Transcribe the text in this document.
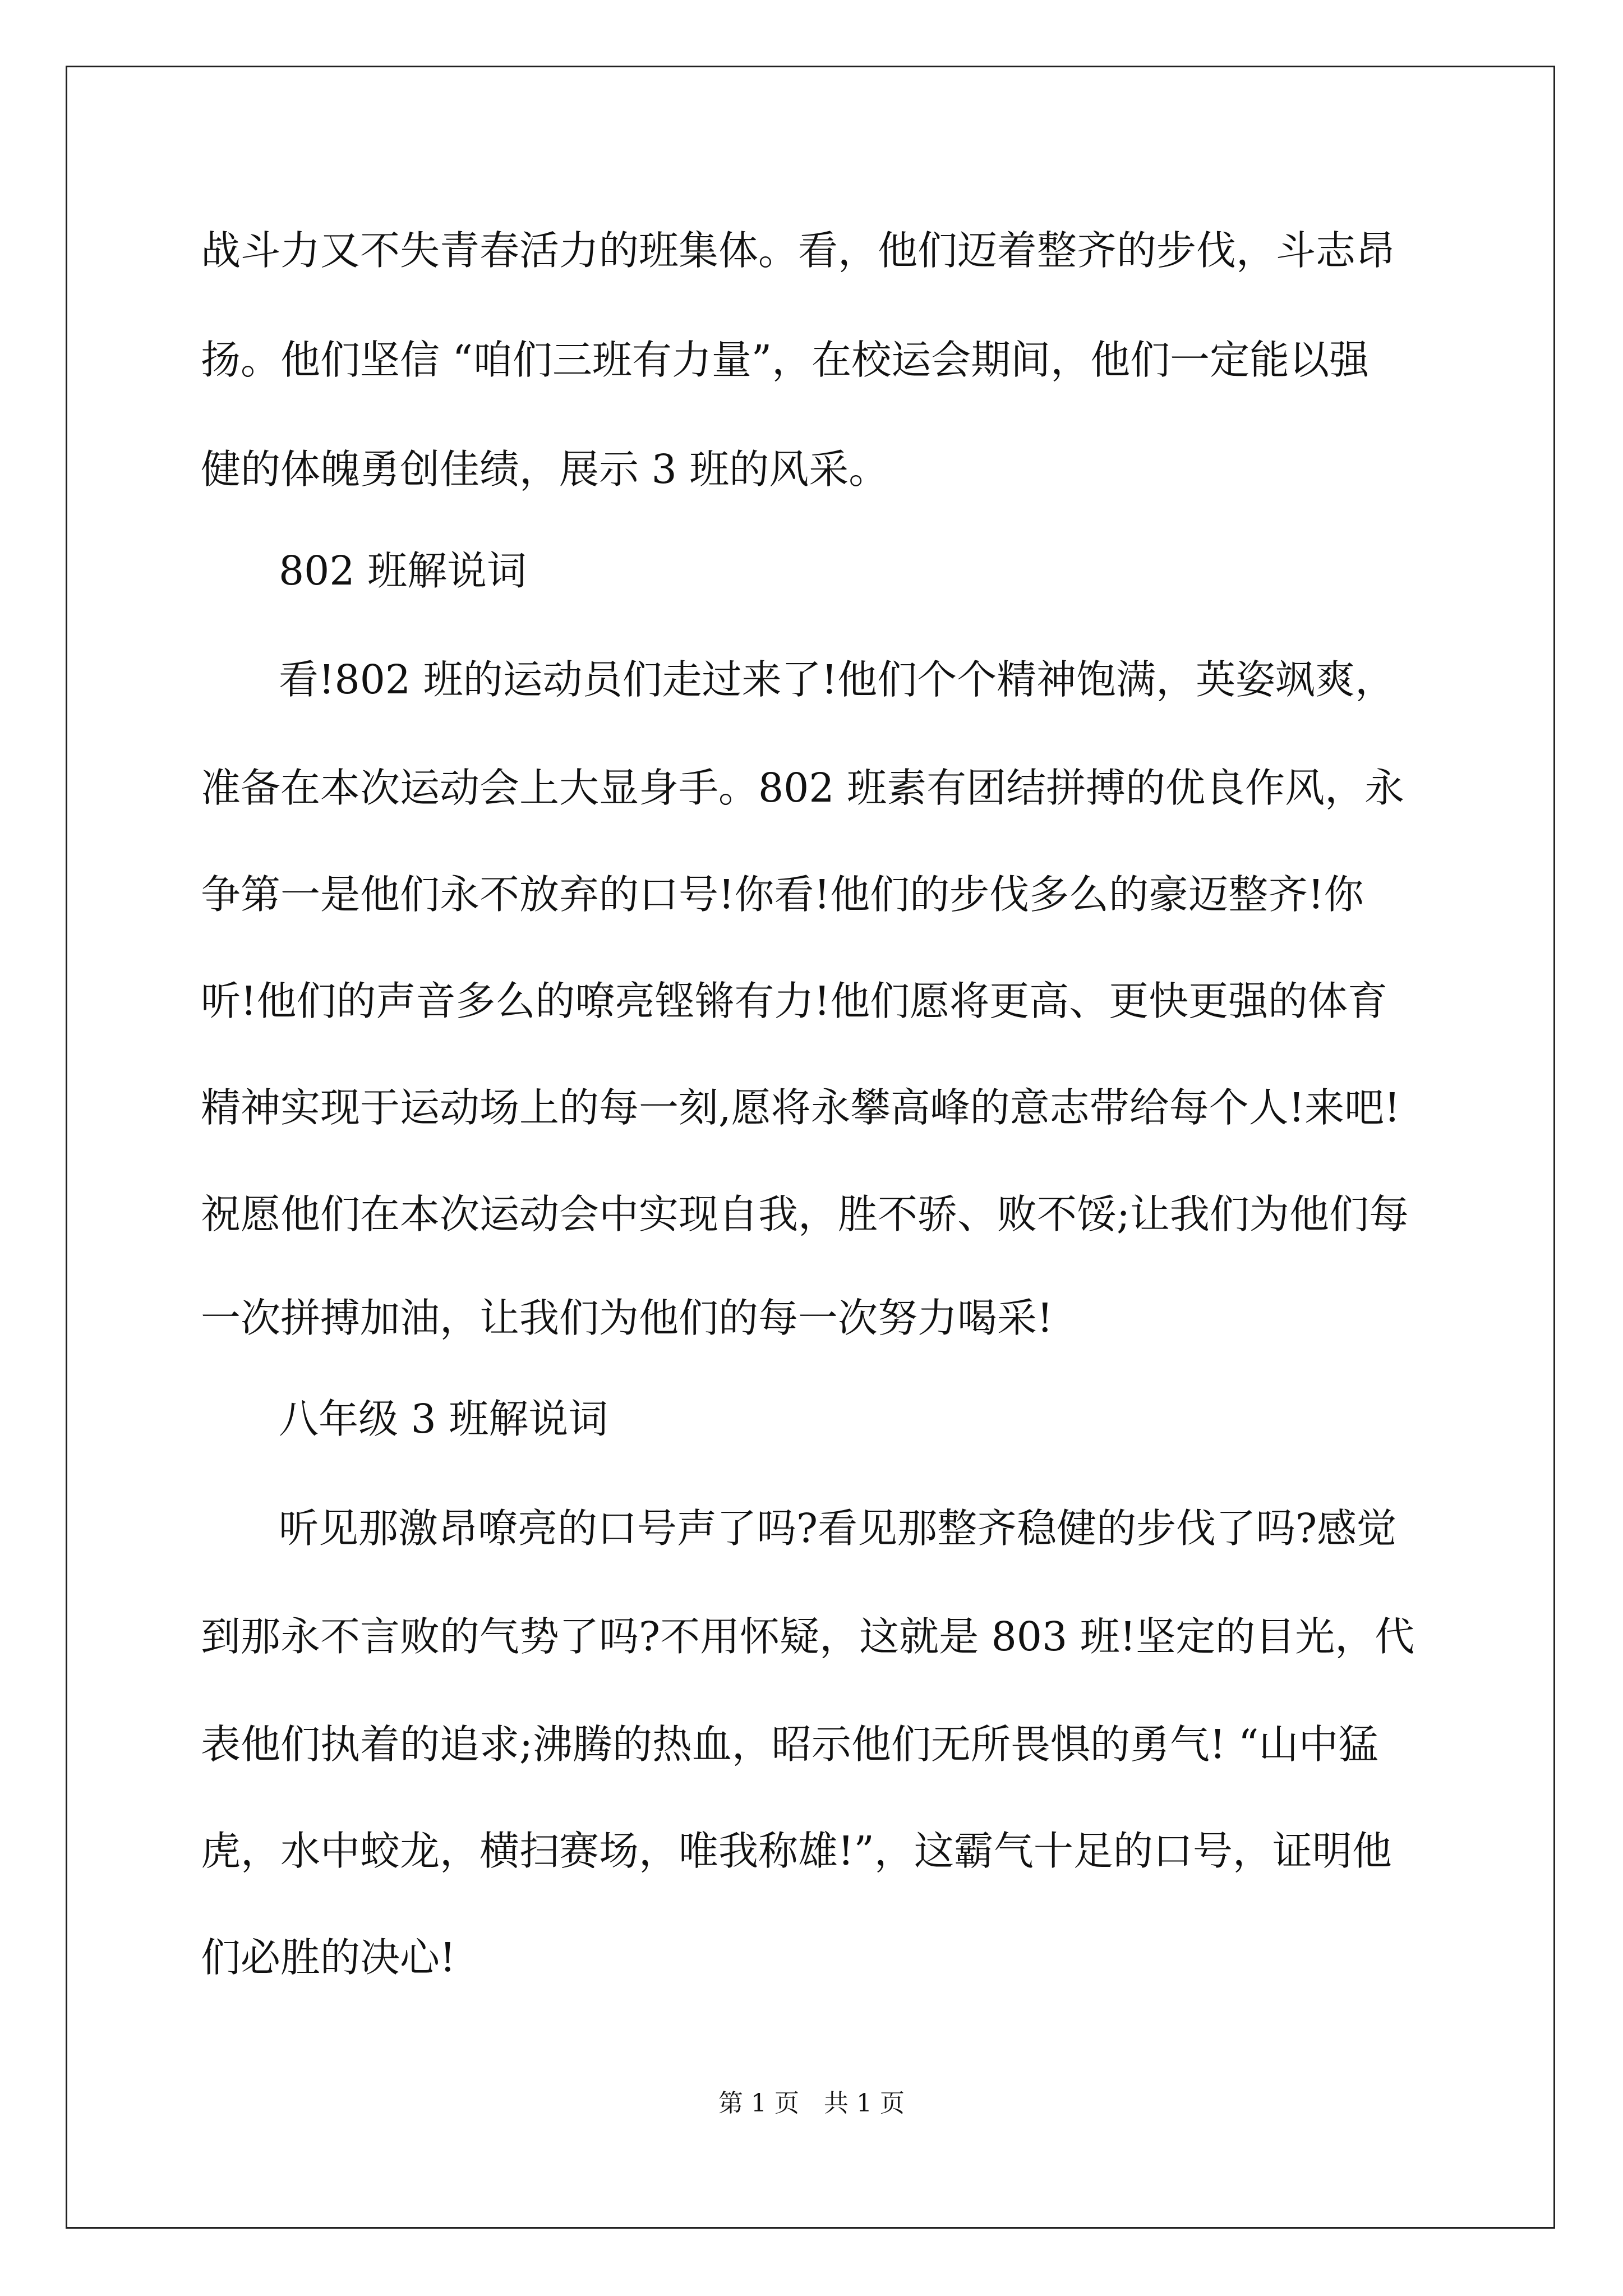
战斗力又不失青春活力的班集体。看，他们迈着整齐的步伐，斗志昂
扬。他们坚信 “咱们三班有力量”，在校运会期间，他们一定能以强
健的体魄勇创佳绩，展示 3 班的风采。
802 班解说词
看!802 班的运动员们走过来了!他们个个精神饱满，英姿飒爽，
准备在本次运动会上大显身手。802 班素有团结拼搏的优良作风，永
争第一是他们永不放弃的口号!你看!他们的步伐多么的豪迈整齐!你
听!他们的声音多么的嘹亮铿锵有力!他们愿将更高、更快更强的体育
精神实现于运动场上的每一刻,愿将永攀高峰的意志带给每个人!来吧!
祝愿他们在本次运动会中实现自我，胜不骄、败不馁;让我们为他们每
一次拼搏加油，让我们为他们的每一次努力喝采!
八年级 3 班解说词
听见那激昂嘹亮的口号声了吗?看见那整齐稳健的步伐了吗?感觉
到那永不言败的气势了吗?不用怀疑，这就是 803 班!坚定的目光，代
表他们执着的追求;沸腾的热血，昭示他们无所畏惧的勇气! “山中猛
虎，水中蛟龙，横扫赛场，唯我称雄!”，这霸气十足的口号，证明他
们必胜的决心!
第 1 页　共 1 页
